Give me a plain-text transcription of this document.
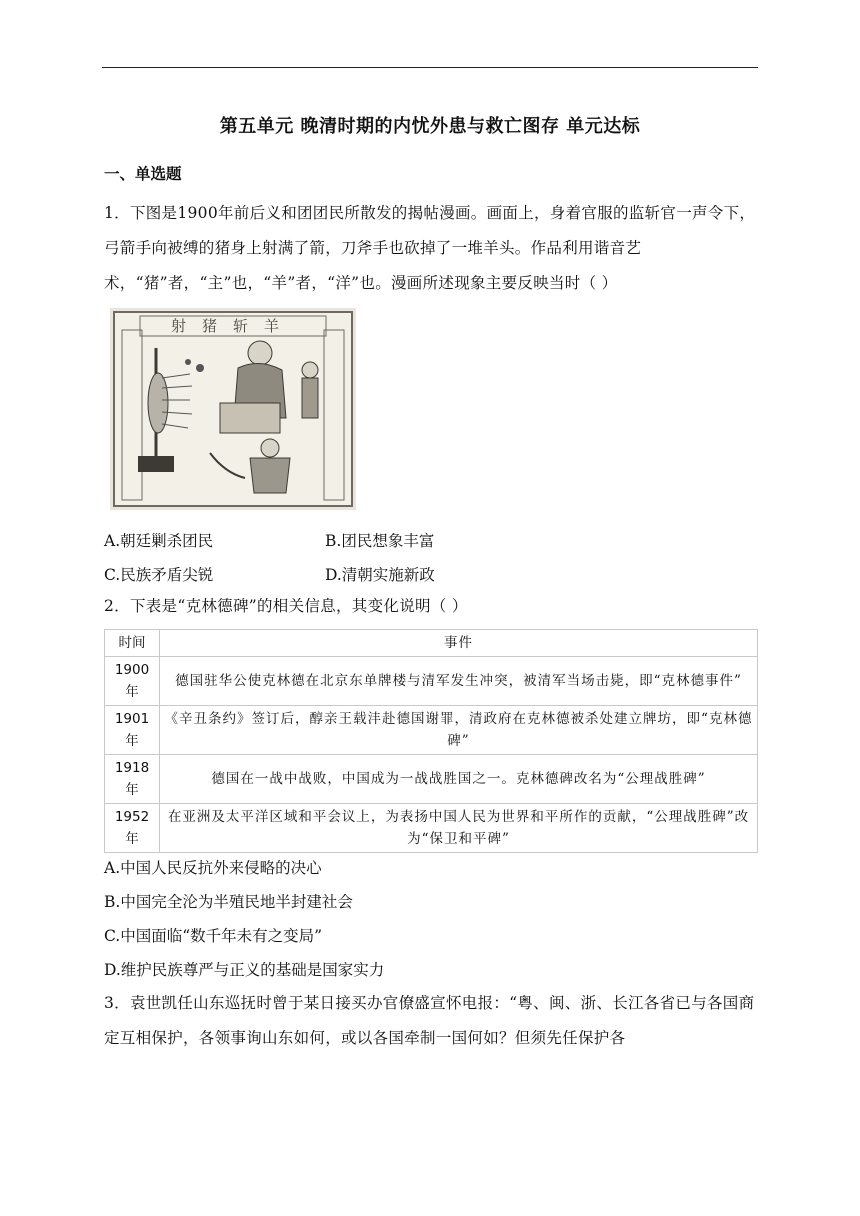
第五单元 晚清时期的内忧外患与救亡图存 单元达标
一、单选题
1．下图是1900年前后义和团团民所散发的揭帖漫画。画面上，身着官服的监斩官一声令下，弓箭手向被缚的猪身上射满了箭，刀斧手也砍掉了一堆羊头。作品利用谐音艺术，“猪”者，“主”也，“羊”者，“洋”也。漫画所述现象主要反映当时（ ）
射猪斩羊
A.朝廷剿杀团民	B.团民想象丰富
C.民族矛盾尖锐	D.清朝实施新政
2．下表是“克林德碑”的相关信息，其变化说明（ ）
时间	事件
1900年	德国驻华公使克林德在北京东单牌楼与清军发生冲突，被清军当场击毙，即“克林德事件”
1901年	《辛丑条约》签订后，醇亲王载沣赴德国谢罪，清政府在克林德被杀处建立牌坊，即“克林德碑”
1918年	德国在一战中战败，中国成为一战战胜国之一。克林德碑改名为“公理战胜碑”
1952年	在亚洲及太平洋区域和平会议上，为表扬中国人民为世界和平所作的贡献，“公理战胜碑”改为“保卫和平碑”
A.中国人民反抗外来侵略的决心
B.中国完全沦为半殖民地半封建社会
C.中国面临“数千年未有之变局”
D.维护民族尊严与正义的基础是国家实力
3．袁世凯任山东巡抚时曾于某日接买办官僚盛宣怀电报：“粤、闽、浙、长江各省已与各国商定互相保护，各领事询山东如何，或以各国牵制一国何如？但须先任保护各
